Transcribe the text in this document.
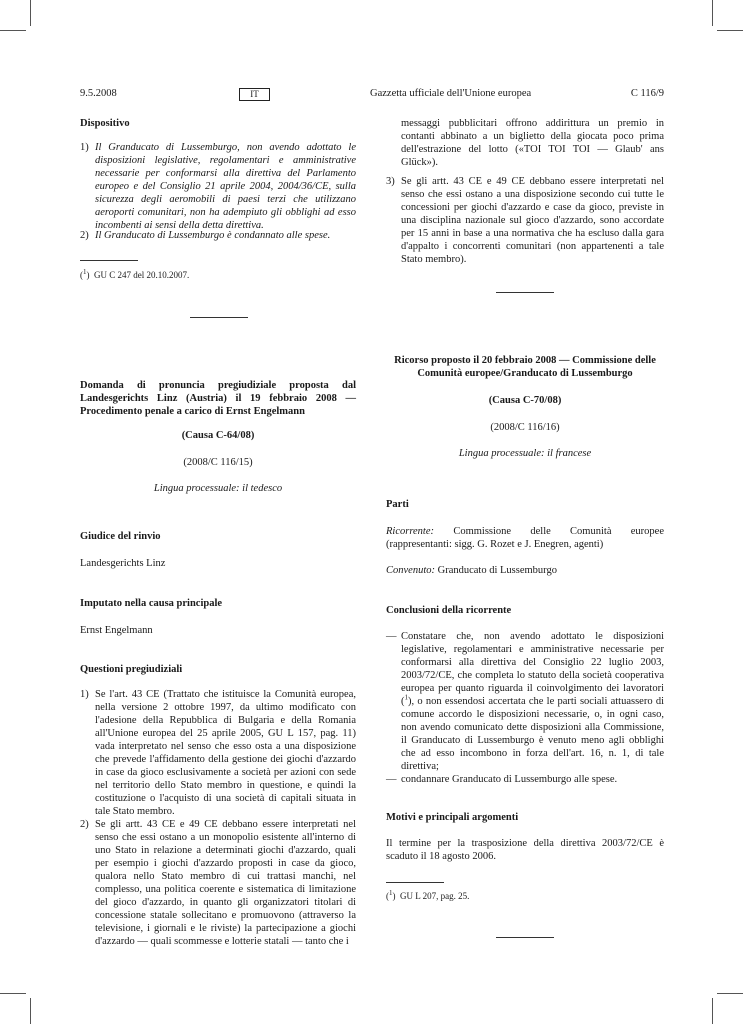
9.5.2008	IT	Gazzetta ufficiale dell'Unione europea	C 116/9

Dispositivo

1) Il Granducato di Lussemburgo, non avendo adottato le disposizioni legislative, regolamentari e amministrative necessarie per conformarsi alla direttiva del Parlamento europeo e del Consiglio 21 aprile 2004, 2004/36/CE, sulla sicurezza degli aeromobili di paesi terzi che utilizzano aeroporti comunitari, non ha adempiuto gli obblighi ad esso incombenti ai sensi della detta direttiva.

2) Il Granducato di Lussemburgo è condannato alle spese.

($^1$)  GU C 247 del 20.10.2007.

Domanda di pronuncia pregiudiziale proposta dal Landesgerichts Linz (Austria) il 19 febbraio 2008 — Procedimento penale a carico di Ernst Engelmann

(Causa C-64/08)

(2008/C 116/15)

Lingua processuale: il tedesco

Giudice del rinvio

Landesgerichts Linz

Imputato nella causa principale

Ernst Engelmann

Questioni pregiudiziali

1) Se l'art. 43 CE (Trattato che istituisce la Comunità europea, nella versione 2 ottobre 1997, da ultimo modificato con l'adesione della Repubblica di Bulgaria e della Romania all'Unione europea del 25 aprile 2005, GU L 157, pag. 11) vada interpretato nel senso che esso osta a una disposizione che prevede l'affidamento della gestione dei giochi d'azzardo in case da gioco esclusivamente a società per azioni con sede nel territorio dello Stato membro in questione, e quindi la costituzione o l'acquisto di una società di capitali situata in tale Stato membro.

2) Se gli artt. 43 CE e 49 CE debbano essere interpretati nel senso che essi ostano a un monopolio esistente all'interno di uno Stato in relazione a determinati giochi d'azzardo, quali per esempio i giochi d'azzardo proposti in case da gioco, qualora nello Stato membro di cui trattasi manchi, nel complesso, una politica coerente e sistematica di limitazione del gioco d'azzardo, in quanto gli organizzatori titolari di concessione statale sollecitano e promuovono (attraverso la televisione, i giornali e le riviste) la partecipazione a giochi d'azzardo — quali scommesse e lotterie statali — tanto che i

messaggi pubblicitari offrono addirittura un premio in contanti abbinato a un biglietto della giocata poco prima dell'estrazione del lotto («TOI TOI TOI — Glaub' ans Glück»).

3) Se gli artt. 43 CE e 49 CE debbano essere interpretati nel senso che essi ostano a una disposizione secondo cui tutte le concessioni per giochi d'azzardo e case da gioco, previste in una disciplina nazionale sul gioco d'azzardo, sono accordate per 15 anni in base a una normativa che ha escluso dalla gara d'appalto i concorrenti comunitari (non appartenenti a tale Stato membro).

Ricorso proposto il 20 febbraio 2008 — Commissione delle Comunità europee/Granducato di Lussemburgo

(Causa C-70/08)

(2008/C 116/16)

Lingua processuale: il francese

Parti

Ricorrente: Commissione delle Comunità europee (rappresentanti: sigg. G. Rozet e J. Enegren, agenti)

Convenuto: Granducato di Lussemburgo

Conclusioni della ricorrente

— Constatare che, non avendo adottato le disposizioni legislative, regolamentari e amministrative necessarie per conformarsi alla direttiva del Consiglio 22 luglio 2003, 2003/72/CE, che completa lo statuto della società cooperativa europea per quanto riguarda il coinvolgimento dei lavoratori ($^1$), o non essendosi accertata che le parti sociali attuassero di comune accordo le disposizioni necessarie, o, in ogni caso, non avendo comunicato dette disposizioni alla Commissione, il Granducato di Lussemburgo è venuto meno agli obblighi che ad esso incombono in forza dell'art. 16, n. 1, di tale direttiva;

— condannare Granducato di Lussemburgo alle spese.

Motivi e principali argomenti

Il termine per la trasposizione della direttiva 2003/72/CE è scaduto il 18 agosto 2006.

($^1$)  GU L 207, pag. 25.
